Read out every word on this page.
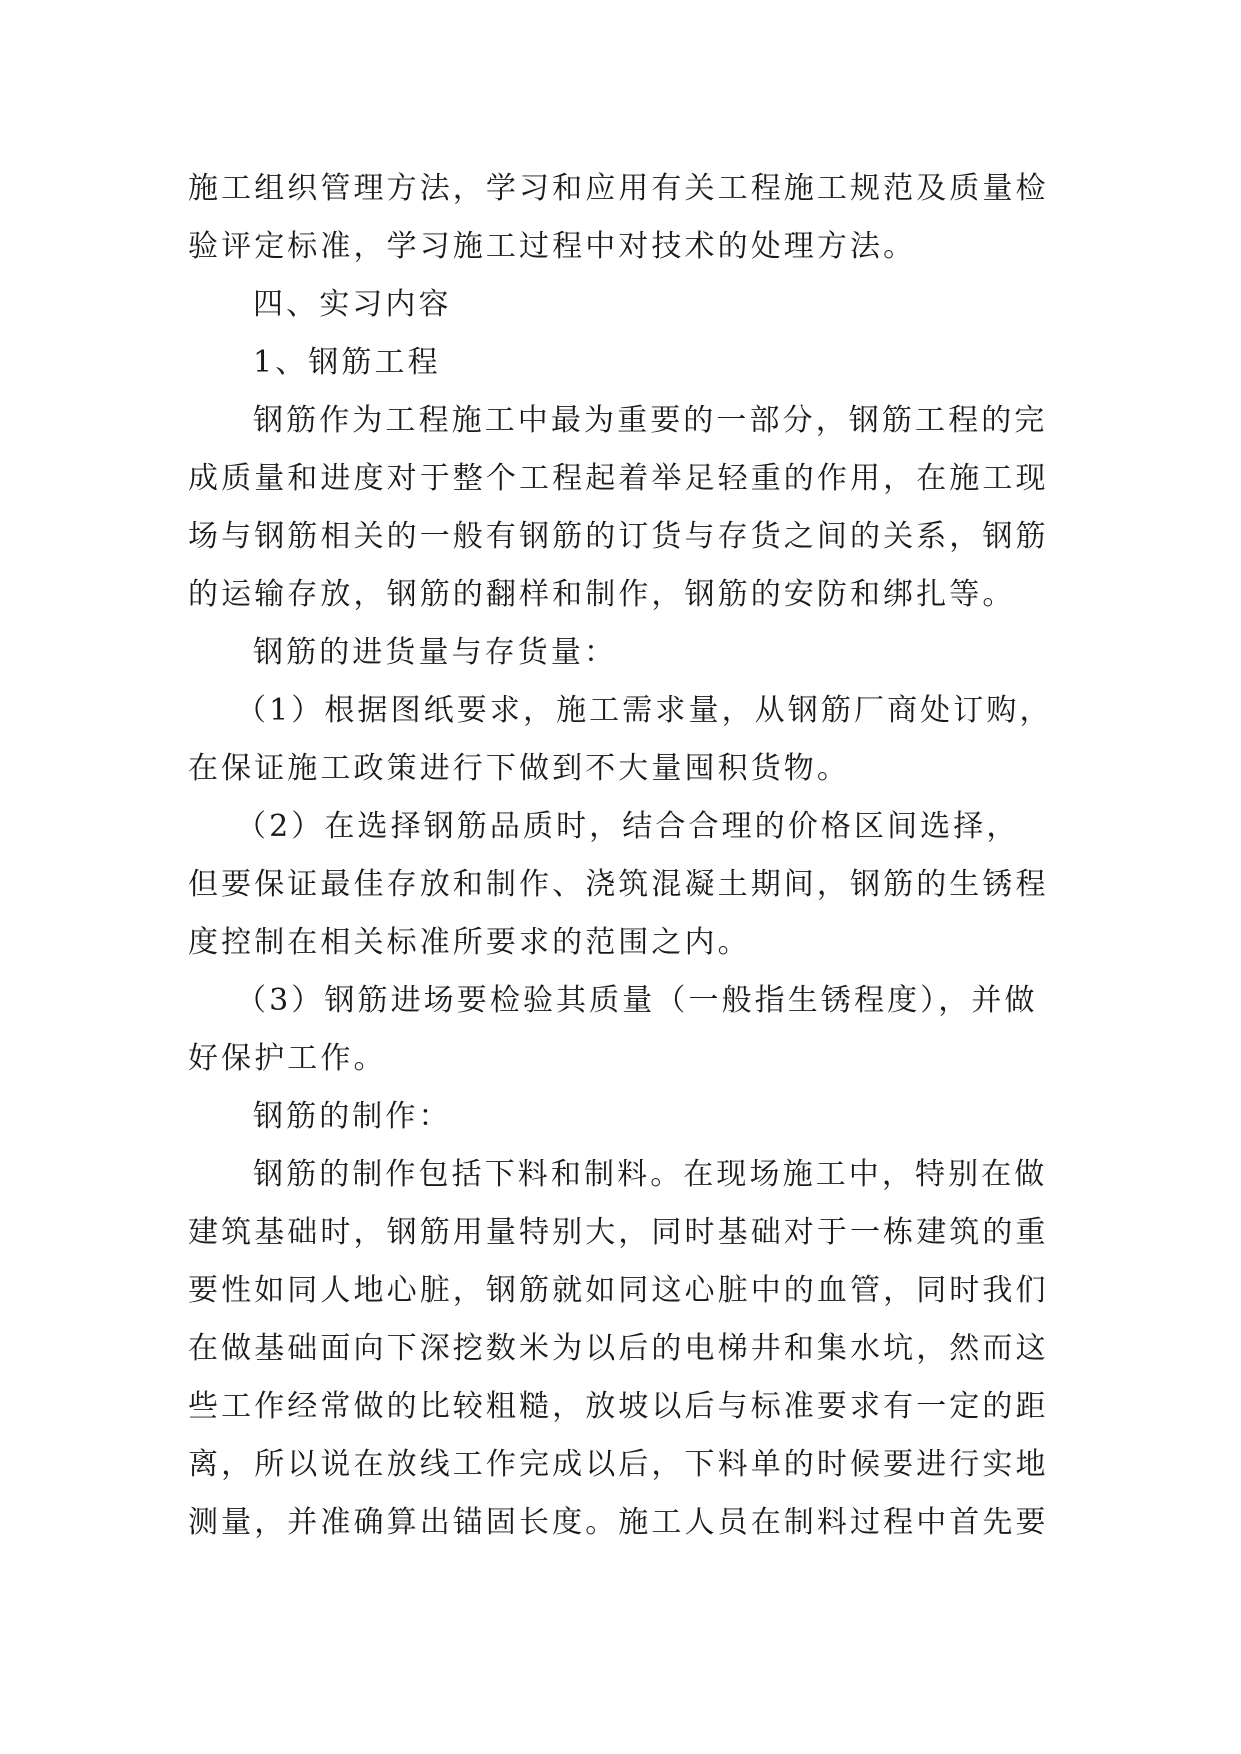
施工组织管理方法，学习和应用有关工程施工规范及质量检
验评定标准，学习施工过程中对技术的处理方法。
四、实习内容
1、钢筋工程
钢筋作为工程施工中最为重要的一部分，钢筋工程的完
成质量和进度对于整个工程起着举足轻重的作用，在施工现
场与钢筋相关的一般有钢筋的订货与存货之间的关系，钢筋
的运输存放，钢筋的翻样和制作，钢筋的安防和绑扎等。
钢筋的进货量与存货量：
（1）根据图纸要求，施工需求量，从钢筋厂商处订购，
在保证施工政策进行下做到不大量囤积货物。
（2）在选择钢筋品质时，结合合理的价格区间选择，
但要保证最佳存放和制作、浇筑混凝土期间，钢筋的生锈程
度控制在相关标准所要求的范围之内。
（3）钢筋进场要检验其质量（一般指生锈程度），并做
好保护工作。
钢筋的制作：
钢筋的制作包括下料和制料。在现场施工中，特别在做
建筑基础时，钢筋用量特别大，同时基础对于一栋建筑的重
要性如同人地心脏，钢筋就如同这心脏中的血管，同时我们
在做基础面向下深挖数米为以后的电梯井和集水坑，然而这
些工作经常做的比较粗糙，放坡以后与标准要求有一定的距
离，所以说在放线工作完成以后，下料单的时候要进行实地
测量，并准确算出锚固长度。施工人员在制料过程中首先要
